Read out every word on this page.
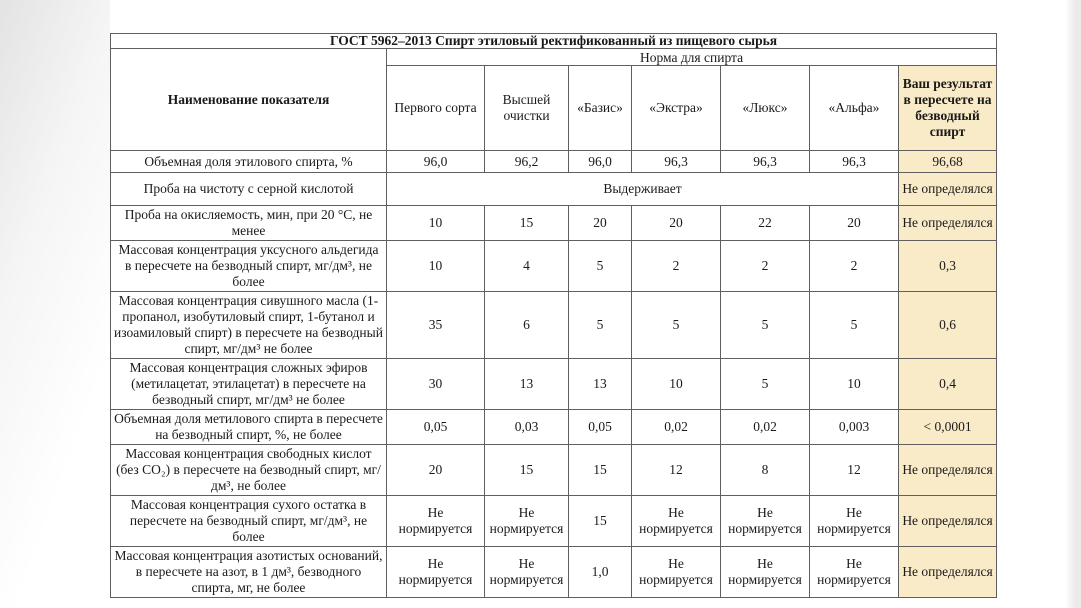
ГОСТ 5962–2013 Спирт этиловый ректификованный из пищевого сырья							
Наименование показателя	Норма для спирта						
	Первого сорта	Высшей очистки	«Базис»	«Экстра»	«Люкс»	«Альфа»	Ваш результат в пересчете на безводный спирт
Объемная доля этилового спирта, %	96,0	96,2	96,0	96,3	96,3	96,3	96,68
Проба на чистоту с серной кислотой	Выдерживает						Не определялся
Проба на окисляемость, мин, при 20 °С, не менее	10	15	20	20	22	20	Не определялся
Массовая концентрация уксусного альдегида в пересчете на безводный спирт, мг/дм³, не более	10	4	5	2	2	2	0,3
Массовая концентрация сивушного масла (1-пропанол, изобутиловый спирт, 1-бутанол и изоамиловый спирт) в пересчете на безводный спирт, мг/дм³ не более	35	6	5	5	5	5	0,6
Массовая концентрация сложных эфиров (метилацетат, этилацетат) в пересчете на безводный спирт, мг/дм³ не более	30	13	13	10	5	10	0,4
Объемная доля метилового спирта в пересчете на безводный спирт, %, не более	0,05	0,03	0,05	0,02	0,02	0,003	< 0,0001
Массовая концентрация свободных кислот (без СО₂) в пересчете на безводный спирт, мг/дм³, не более	20	15	15	12	8	12	Не определялся
Массовая концентрация сухого остатка в пересчете на безводный спирт, мг/дм³, не более	Не нормируется	Не нормируется	15	Не нормируется	Не нормируется	Не нормируется	Не определялся
Массовая концентрация азотистых оснований, в пересчете на азот, в 1 дм³, безводного спирта, мг, не более	Не нормируется	Не нормируется	1,0	Не нормируется	Не нормируется	Не нормируется	Не определялся
